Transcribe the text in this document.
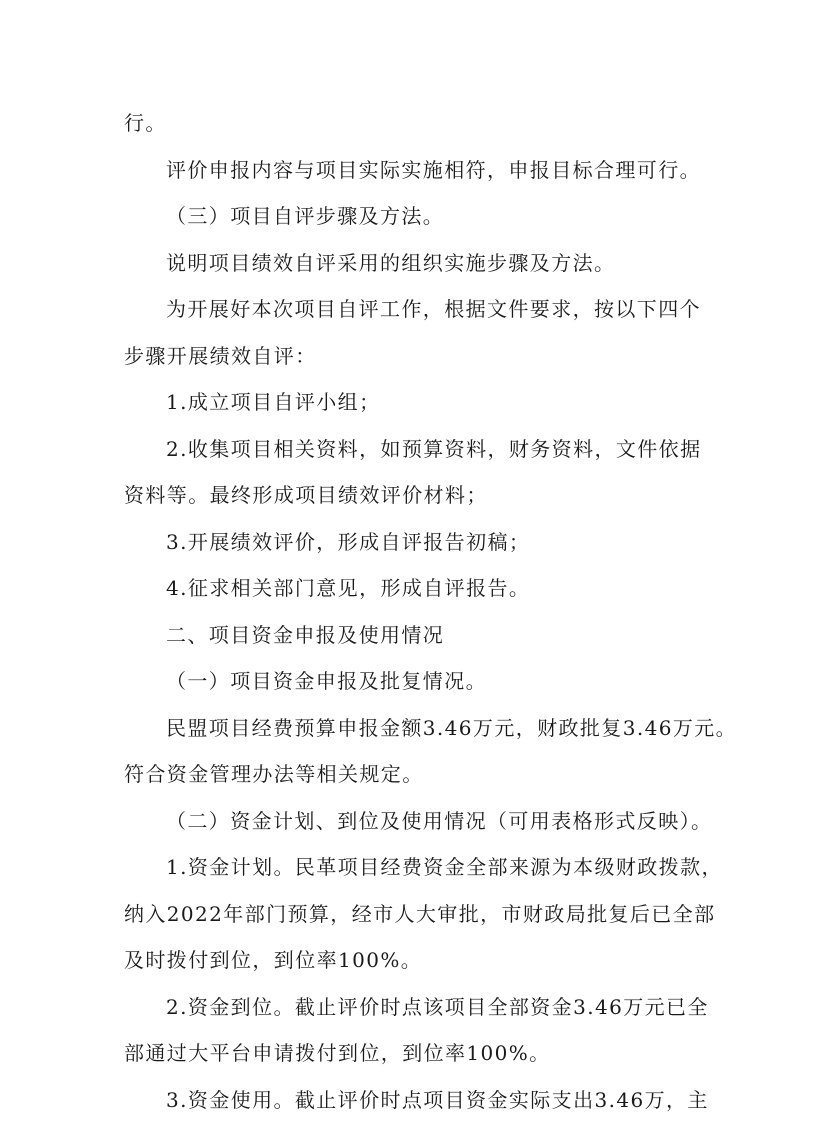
行。
评价申报内容与项目实际实施相符，申报目标合理可行。
（三）项目自评步骤及方法。
说明项目绩效自评采用的组织实施步骤及方法。
为开展好本次项目自评工作，根据文件要求，按以下四个
步骤开展绩效自评：
1.成立项目自评小组；
2.收集项目相关资料，如预算资料，财务资料，文件依据
资料等。最终形成项目绩效评价材料；
3.开展绩效评价，形成自评报告初稿；
4.征求相关部门意见，形成自评报告。
二、项目资金申报及使用情况
（一）项目资金申报及批复情况。
民盟项目经费预算申报金额3.46万元，财政批复3.46万元。
符合资金管理办法等相关规定。
（二）资金计划、到位及使用情况（可用表格形式反映）。
1.资金计划。民革项目经费资金全部来源为本级财政拨款，
纳入2022年部门预算，经市人大审批，市财政局批复后已全部
及时拨付到位，到位率100%。
2.资金到位。截止评价时点该项目全部资金3.46万元已全
部通过大平台申请拨付到位，到位率100%。
3.资金使用。截止评价时点项目资金实际支出3.46万，主
